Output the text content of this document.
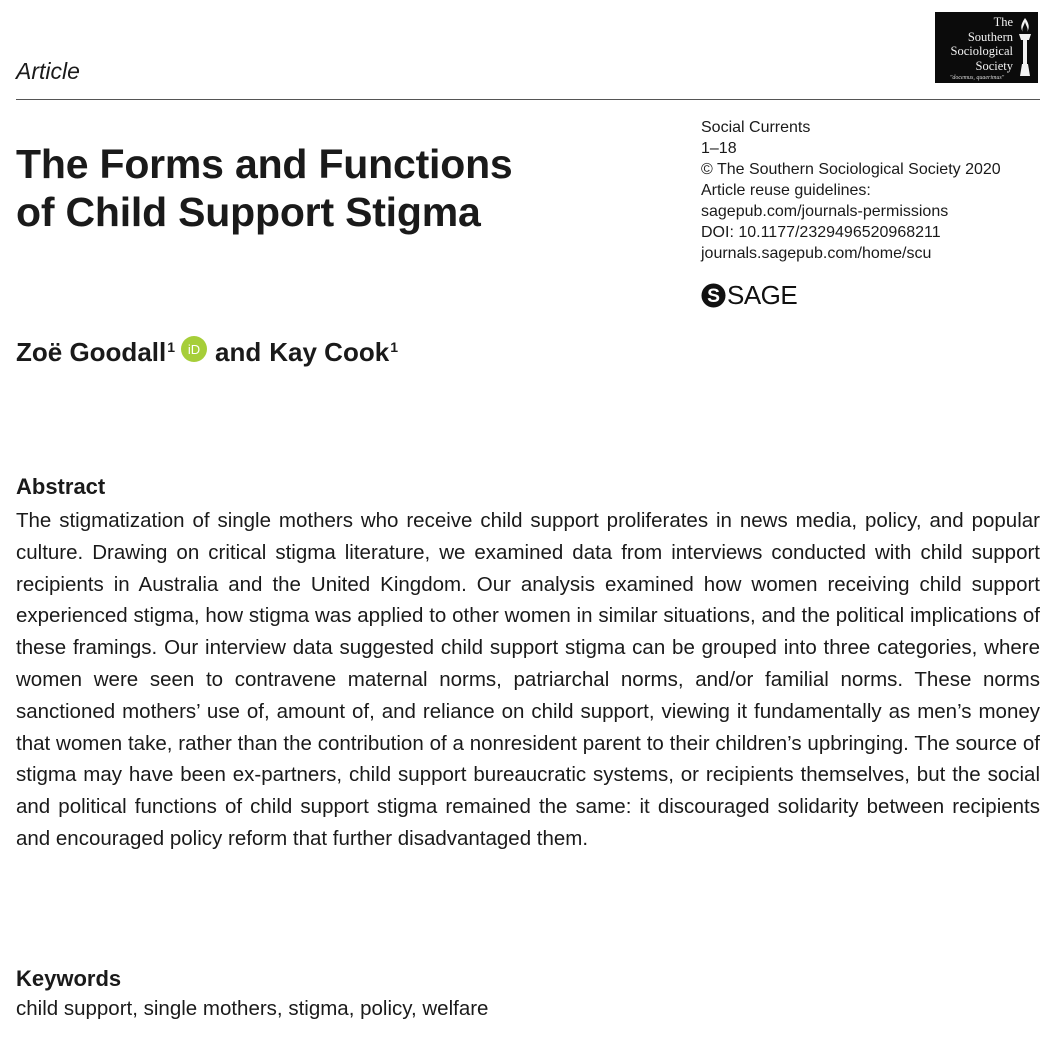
Article
The
Southern
Sociological
Society
"docemus, quaerimus"
The Forms and Functions
of Child Support Stigma
Social Currents
1–18
© The Southern Sociological Society 2020
Article reuse guidelines:
sagepub.com/journals-permissions
DOI: 10.1177/2329496520968211
journals.sagepub.com/home/scu
S SAGE
Zoë Goodall$^1$ iD and Kay Cook$^1$
Abstract

The stigmatization of single mothers who receive child support proliferates in news media, policy, and popular culture. Drawing on critical stigma literature, we examined data from interviews conducted with child support recipients in Australia and the United Kingdom. Our analysis examined how women receiving child support experienced stigma, how stigma was applied to other women in similar situations, and the political implications of these framings. Our interview data suggested child support stigma can be grouped into three categories, where women were seen to contravene maternal norms, patriarchal norms, and/or familial norms. These norms sanctioned mothers’ use of, amount of, and reliance on child support, viewing it fundamentally as men’s money that women take, rather than the contribution of a nonresident parent to their children’s upbringing. The source of stigma may have been ex-partners, child support bureaucratic systems, or recipients themselves, but the social and political functions of child support stigma remained the same: it discouraged solidarity between recipients and encouraged policy reform that further disadvantaged them.

Keywords

child support, single mothers, stigma, policy, welfare
